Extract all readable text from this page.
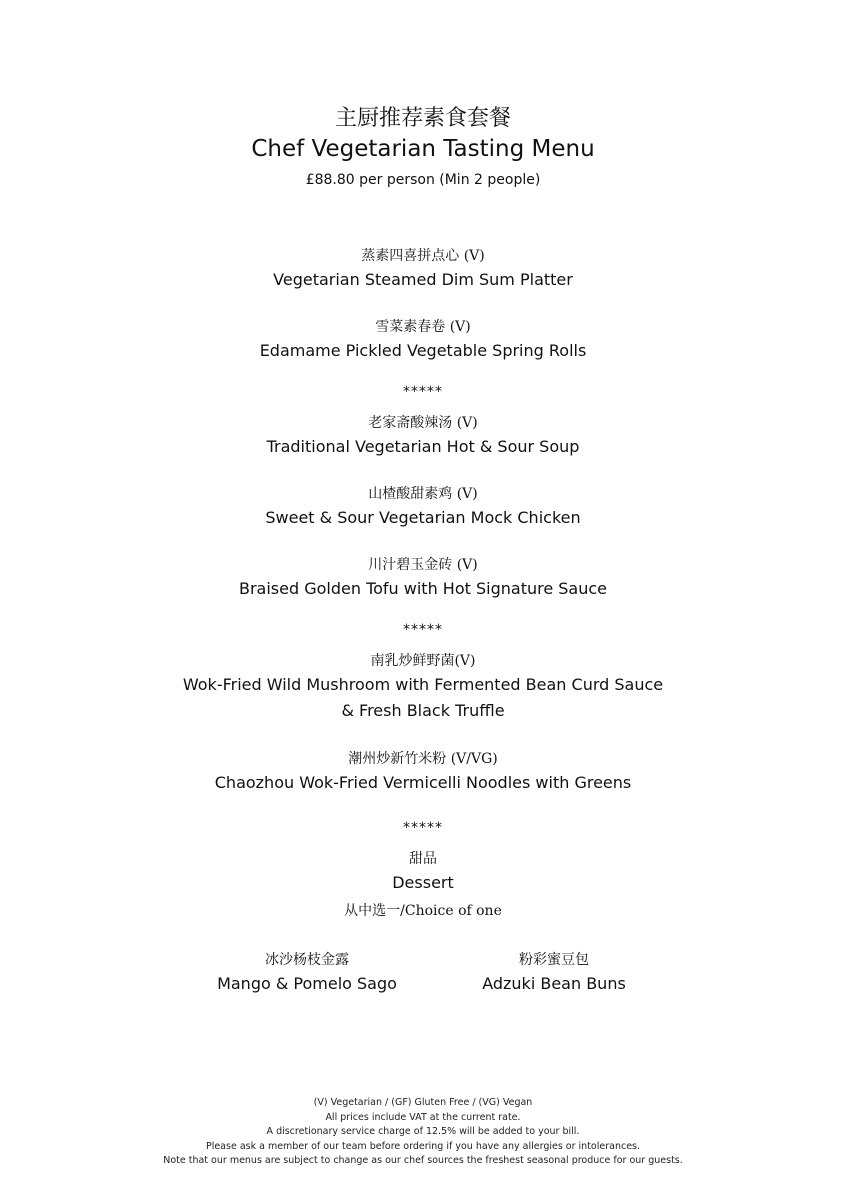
主厨推荐素食套餐
Chef Vegetarian Tasting Menu
£88.80 per person (Min 2 people)
蒸素四喜拼点心 (V)
Vegetarian Steamed Dim Sum Platter
雪菜素春卷 (V)
Edamame Pickled Vegetable Spring Rolls
*****
老家斋酸辣汤 (V)
Traditional Vegetarian Hot & Sour Soup
山楂酸甜素鸡 (V)
Sweet & Sour Vegetarian Mock Chicken
川汁碧玉金砖 (V)
Braised Golden Tofu with Hot Signature Sauce
*****
南乳炒鲜野菌(V)
Wok-Fried Wild Mushroom with Fermented Bean Curd Sauce
& Fresh Black Truffle
潮州炒新竹米粉 (V/VG)
Chaozhou Wok-Fried Vermicelli Noodles with Greens
*****
甜品
Dessert
从中选一/Choice of one
冰沙杨枝金露
Mango & Pomelo Sago
粉彩蜜豆包
Adzuki Bean Buns
(V) Vegetarian / (GF) Gluten Free / (VG) Vegan
All prices include VAT at the current rate.
A discretionary service charge of 12.5% will be added to your bill.
Please ask a member of our team before ordering if you have any allergies or intolerances.
Note that our menus are subject to change as our chef sources the freshest seasonal produce for our guests.
